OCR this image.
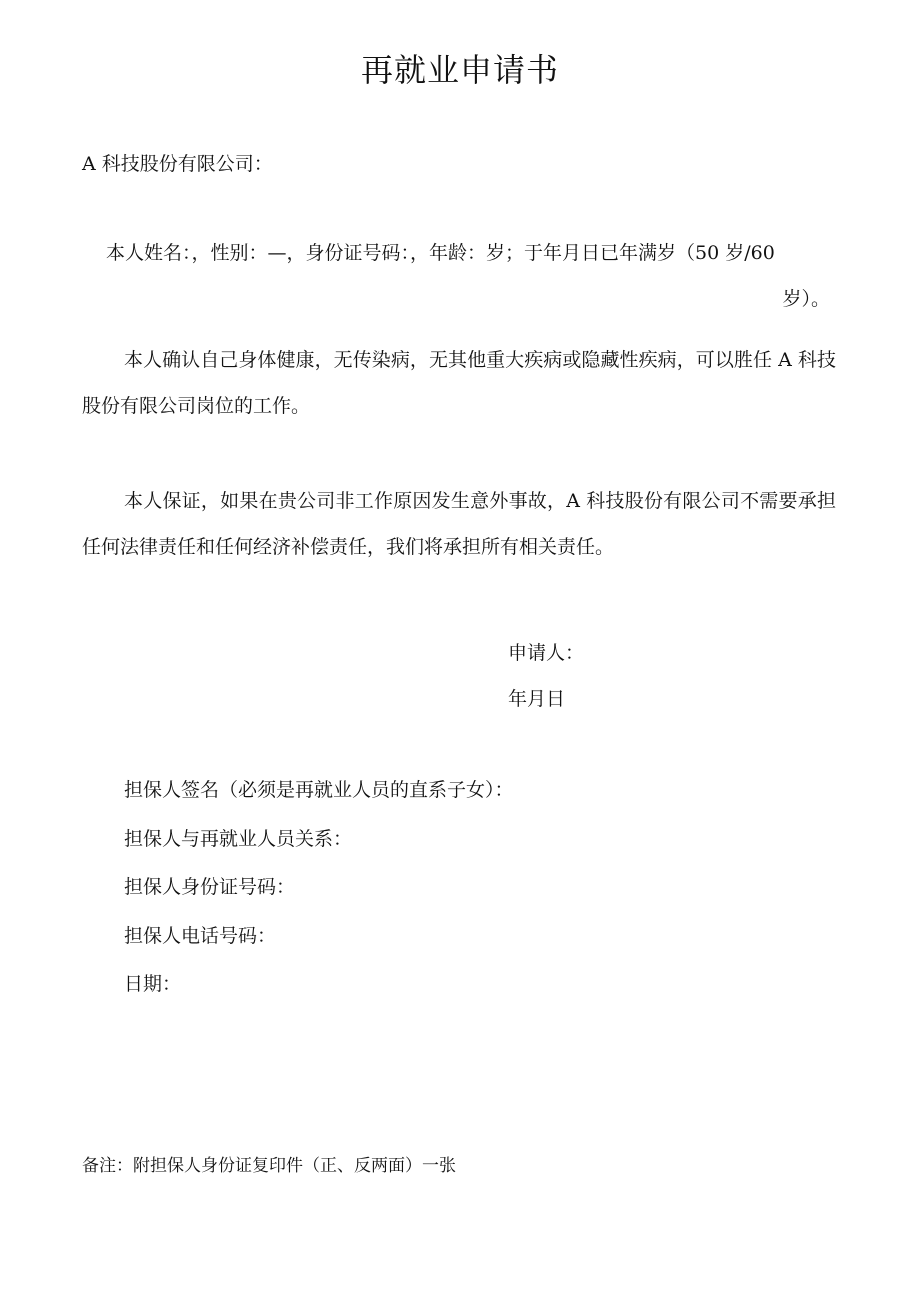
再就业申请书
A 科技股份有限公司：
本人姓名：，性别：—，身份证号码：，年龄：岁；于年月日已年满岁（50 岁/60
岁）。
本人确认自己身体健康，无传染病，无其他重大疾病或隐藏性疾病，可以胜任 A 科技股份有限公司岗位的工作。
本人保证，如果在贵公司非工作原因发生意外事故，A 科技股份有限公司不需要承担任何法律责任和任何经济补偿责任，我们将承担所有相关责任。
申请人：
年月日
担保人签名（必须是再就业人员的直系子女）：
担保人与再就业人员关系：
担保人身份证号码：
担保人电话号码：
日期：
备注：附担保人身份证复印件（正、反两面）一张
